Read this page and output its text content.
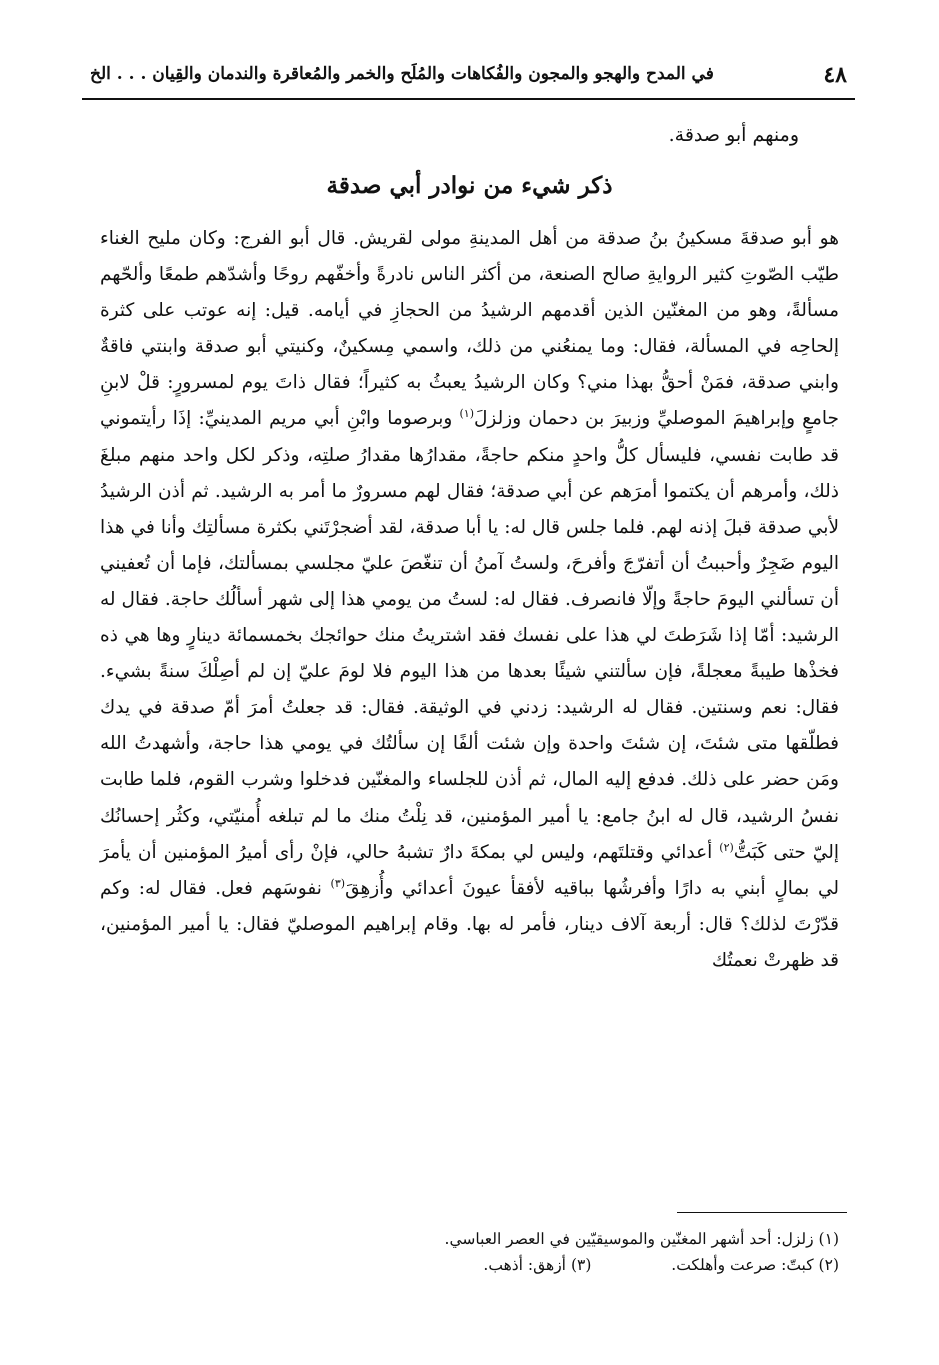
٤٨
في المدح والهجو والمجون والفُكاهات والمُلَح والخمر والمُعاقرة والندمان والقِيان . . . الخ

ومنهم أبو صدقة.

ذكر شيء من نوادر أبي صدقة

هو أبو صدقةَ مسكينُ بنُ صدقة من أهل المدينةِ مولى لقريش. قال أبو الفرج: وكان مليح الغناء طيّب الصّوتِ كثير الروايةِ صالح الصنعة، من أكثر الناس نادرةً وأخفّهم روحًا وأشدّهم طمعًا وألحّهم مسألةً، وهو من المغنّين الذين أقدمهم الرشيدُ من الحجازِ في أيامه. قيل: إنه عوتب على كثرة إلحاحِه في المسألة، فقال: وما يمنعُني من ذلك، واسمي مِسكينٌ، وكنيتي أبو صدقة وابنتي فاقةٌ وابني صدقة، فمَنْ أحقُّ بهذا مني؟ وكان الرشيدُ يعبثُ به كثيراً؛ فقال ذاتَ يوم لمسرورٍ: قلْ لابنِ جامعٍ وإبراهيمَ الموصليِّ وزبيرَ بن دحمان وزلزلَ$^{(١)}$ وبرصوما وابْنِ أبي مريم المدينيِّ: إذَا رأيتموني قد طابت نفسي، فليسأل كلُّ واحدٍ منكم حاجةً، مقدارُها مقدارُ صلتِه، وذكر لكل واحد منهم مبلغَ ذلك، وأمرهم أن يكتموا أمرَهم عن أبي صدقة؛ فقال لهم مسرورٌ ما أمر به الرشيد. ثم أذن الرشيدُ لأبي صدقة قبلَ إذنه لهم. فلما جلس قال له: يا أبا صدقة، لقد أضجرْتَني بكثرة مسألتِك وأنا في هذا اليوم ضَجِرٌ وأحببتُ أن أتفرّجَ وأفرحَ، ولستُ آمنُ أن تنغّصَ عليّ مجلسي بمسألتك، فإما أن تُعفيني أن تسألني اليومَ حاجةً وإلّا فانصرف. فقال له: لستُ من يومي هذا إلى شهر أسألُك حاجة. فقال له الرشيد: أمّا إذا شَرَطتَ لي هذا على نفسك فقد اشتريتُ منك حوائجك بخمسمائة دينارٍ وها هي ذه فخذْها طيبةً معجلةً، فإن سألتني شيئًا بعدها من هذا اليوم فلا لومَ عليّ إن لم أصِلْكَ سنةً بشيء. فقال: نعم وسنتين. فقال له الرشيد: زدني في الوثيقة. فقال: قد جعلتُ أمرَ أمّ صدقة في يدك فطلّقها متى شئتَ، إن شئتَ واحدة وإن شئت ألفًا إن سألتُك في يومي هذا حاجة، وأشهدتُ الله ومَن حضر على ذلك. فدفع إليه المال، ثم أذن للجلساء والمغنّين فدخلوا وشرب القوم، فلما طابت نفسُ الرشيد، قال له ابنُ جامع: يا أمير المؤمنين، قد نِلْتُ منك ما لم تبلغه أُمنيّتي، وكثُر إحسانُك إليّ حتى كَبَتُّ$^{(٢)}$ أعدائي وقتلتَهم، وليس لي بمكةَ دارٌ تشبهُ حالي، فإنْ رأى أميرُ المؤمنين أن يأمرَ لي بمالٍ أبني به دارًا وأفرشُها بباقيه لأفقأ عيونَ أعدائي وأُزهِقَ$^{(٣)}$ نفوسَهم فعل. فقال له: وكم قدّرْتَ لذلك؟ قال: أربعة آلاف دينار، فأمر له بها. وقام إبراهيم الموصليّ فقال: يا أمير المؤمنين، قد ظهرتْ نعمتُك

(١) زلزل: أحد أشهر المغنّين والموسيقيّين في العصر العباسي.
(٢) كبتّ: صرعت وأهلكت.  (٣) أزهق: أذهب.
